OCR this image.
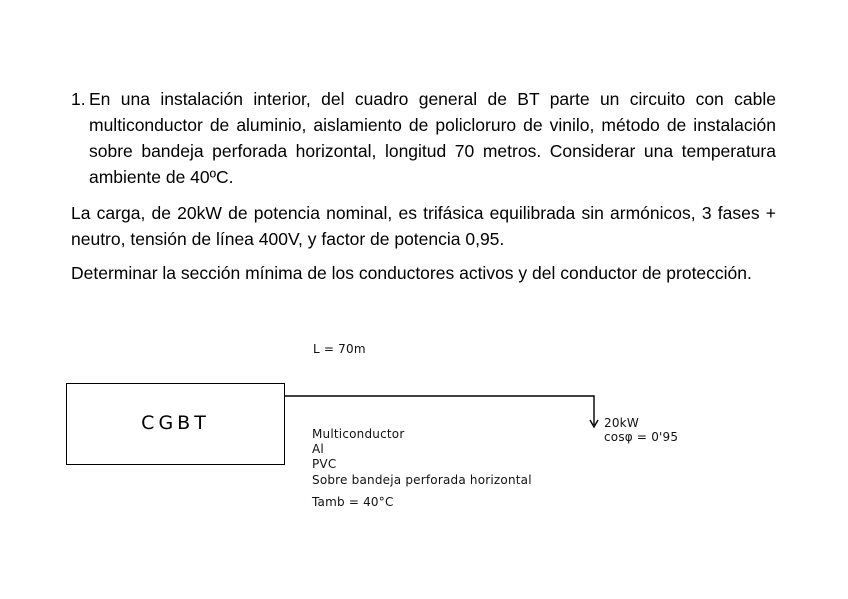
1. En una instalación interior, del cuadro general de BT parte un circuito con cable multiconductor de aluminio, aislamiento de policloruro de vinilo, método de instalación sobre bandeja perforada horizontal, longitud 70 metros. Considerar una temperatura ambiente de 40ºC.

La carga, de 20kW de potencia nominal, es trifásica equilibrada sin armónicos, 3 fases + neutro, tensión de línea 400V, y factor de potencia 0,95.

Determinar la sección mínima de los conductores activos y del conductor de protección.

L = 70m
CGBT	Multiconductor
Al
PVC
Sobre bandeja perforada horizontal
Tamb = 40°C
20kW
cosφ = 0'95
